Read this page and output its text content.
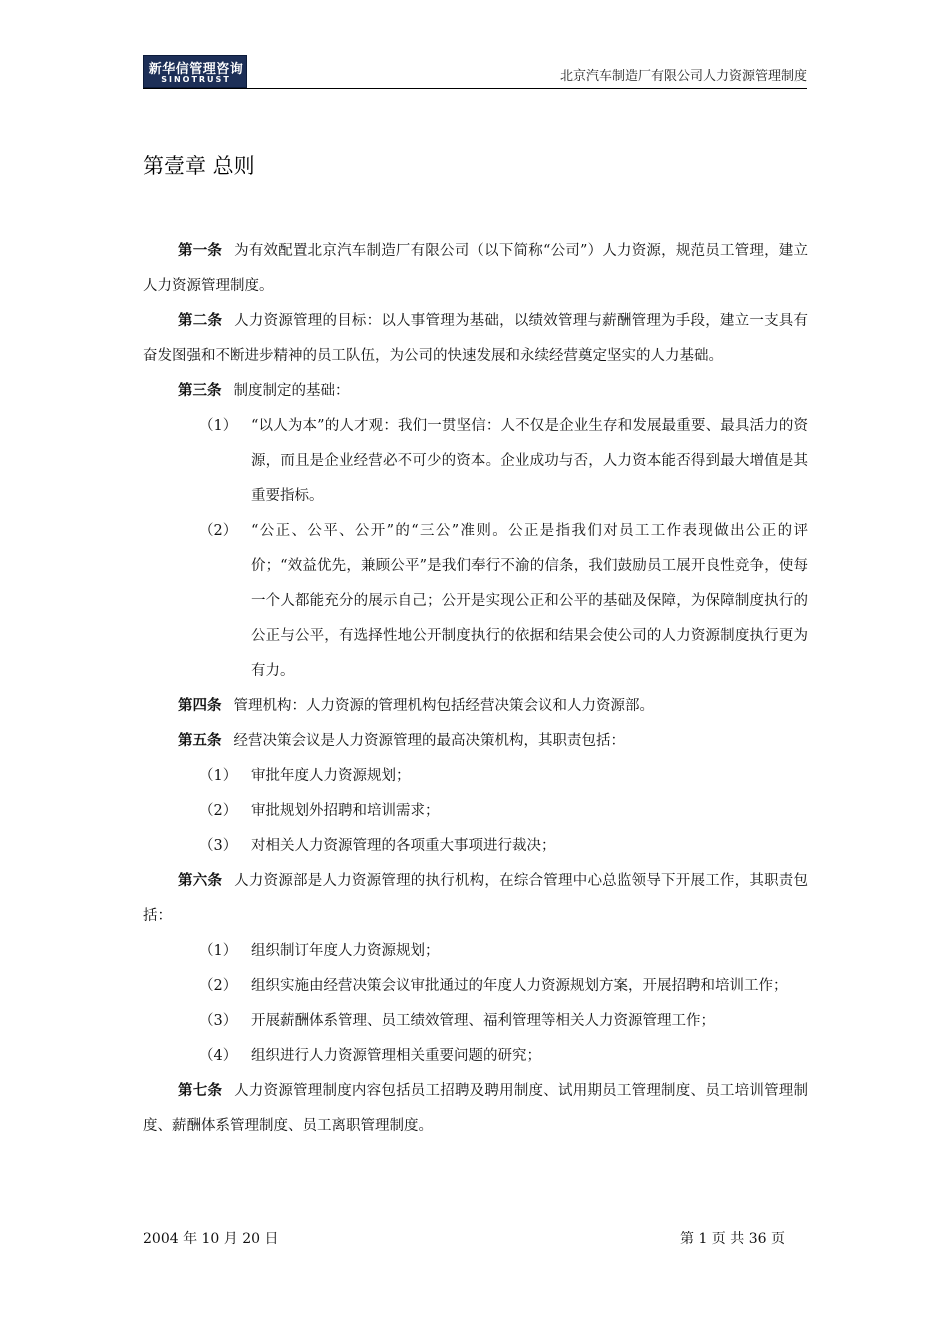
新华信管理咨询
SINOTRUST	北京汽车制造厂有限公司人力资源管理制度
第壹章 总则

第一条 为有效配置北京汽车制造厂有限公司（以下简称“公司”）人力资源，规范员工管理，建立人力资源管理制度。

第二条 人力资源管理的目标：以人事管理为基础，以绩效管理与薪酬管理为手段，建立一支具有奋发图强和不断进步精神的员工队伍，为公司的快速发展和永续经营奠定坚实的人力基础。

第三条 制度制定的基础：

（1） “以人为本”的人才观：我们一贯坚信：人不仅是企业生存和发展最重要、最具活力的资源，而且是企业经营必不可少的资本。企业成功与否，人力资本能否得到最大增值是其重要指标。

（2） “公正、公平、公开”的“三公”准则。公正是指我们对员工工作表现做出公正的评价；“效益优先，兼顾公平”是我们奉行不渝的信条，我们鼓励员工展开良性竞争，使每一个人都能充分的展示自己；公开是实现公正和公平的基础及保障，为保障制度执行的公正与公平，有选择性地公开制度执行的依据和结果会使公司的人力资源制度执行更为有力。

第四条 管理机构：人力资源的管理机构包括经营决策会议和人力资源部。

第五条 经营决策会议是人力资源管理的最高决策机构，其职责包括：

（1） 审批年度人力资源规划；

（2） 审批规划外招聘和培训需求；

（3） 对相关人力资源管理的各项重大事项进行裁决；

第六条 人力资源部是人力资源管理的执行机构，在综合管理中心总监领导下开展工作，其职责包括：

（1） 组织制订年度人力资源规划；

（2） 组织实施由经营决策会议审批通过的年度人力资源规划方案，开展招聘和培训工作；

（3） 开展薪酬体系管理、员工绩效管理、福利管理等相关人力资源管理工作；

（4） 组织进行人力资源管理相关重要问题的研究；

第七条 人力资源管理制度内容包括员工招聘及聘用制度、试用期员工管理制度、员工培训管理制度、薪酬体系管理制度、员工离职管理制度。

2004 年 10 月 20 日	第 1 页 共 36 页
